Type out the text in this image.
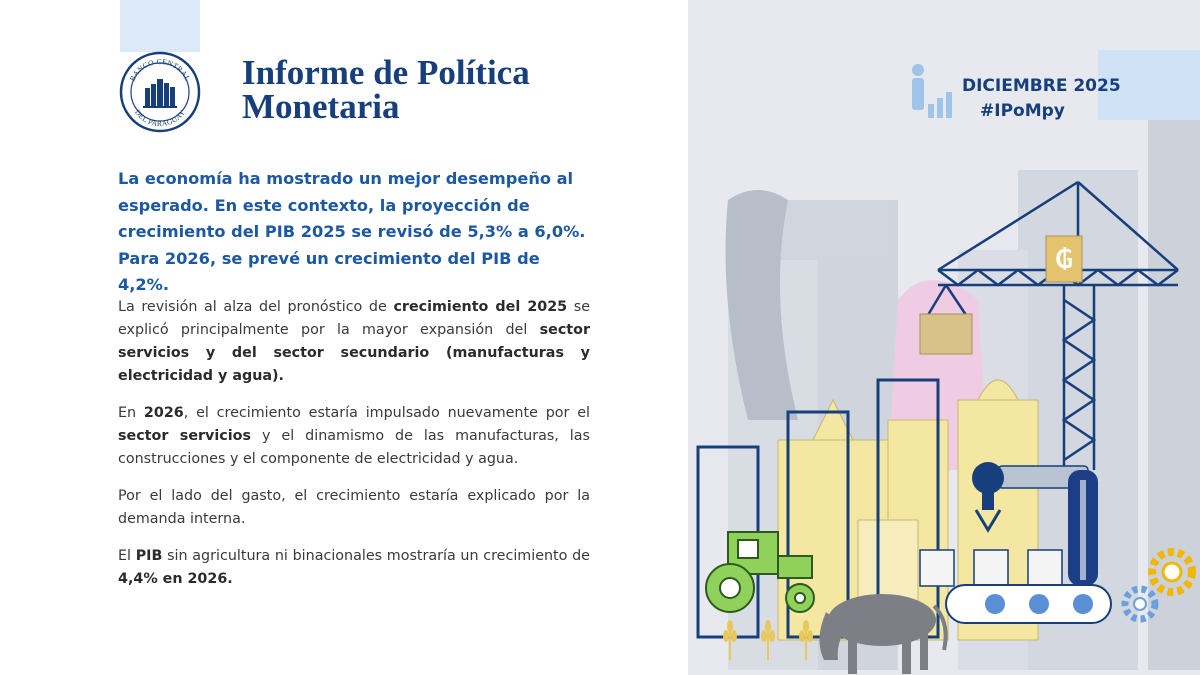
BANCO CENTRAL
DEL PARAGUAY
Informe de Política
Monetaria

La economía ha mostrado un mejor desempeño al
esperado. En este contexto, la proyección de
crecimiento del PIB 2025 se revisó de 5,3% a 6,0%.
Para 2026, se prevé un crecimiento del PIB de 4,2%.

La revisión al alza del pronóstico de crecimiento del 2025 se explicó principalmente por la mayor expansión del sector servicios y del sector secundario (manufacturas y electricidad y agua).

En 2026, el crecimiento estaría impulsado nuevamente por el sector servicios y el dinamismo de las manufacturas, las construcciones y el componente de electricidad y agua.

Por el lado del gasto, el crecimiento estaría explicado por la demanda interna.

El PIB sin agricultura ni binacionales mostraría un crecimiento de 4,4% en 2026.

₲
DICIEMBRE 2025
#IPoMpy
